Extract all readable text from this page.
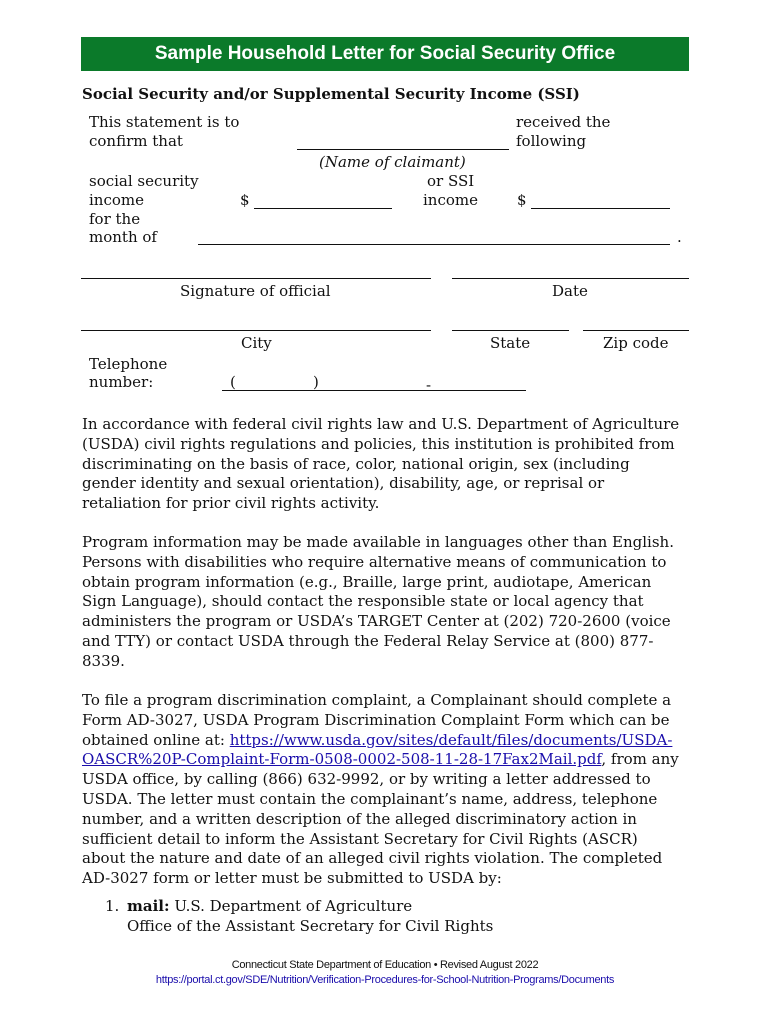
Sample Household Letter for Social Security Office
Social Security and/or Supplemental Security Income (SSI)
This statement is to
confirm that
received the
following
(Name of claimant)
social security
income	$
or SSI
income	$
for the
month of	.
Signature of official	Date
City	State	Zip code
Telephone
number:	(	)	-

In accordance with federal civil rights law and U.S. Department of Agriculture (USDA) civil rights regulations and policies, this institution is prohibited from discriminating on the basis of race, color, national origin, sex (including gender identity and sexual orientation), disability, age, or reprisal or retaliation for prior civil rights activity.

Program information may be made available in languages other than English. Persons with disabilities who require alternative means of communication to obtain program information (e.g., Braille, large print, audiotape, American Sign Language), should contact the responsible state or local agency that administers the program or USDA’s TARGET Center at (202) 720-2600 (voice and TTY) or contact USDA through the Federal Relay Service at (800) 877-8339.

To file a program discrimination complaint, a Complainant should complete a Form AD-3027, USDA Program Discrimination Complaint Form which can be obtained online at: https://www.usda.gov/sites/default/files/documents/USDA-OASCR%20P-Complaint-Form-0508-0002-508-11-28-17Fax2Mail.pdf, from any USDA office, by calling (866) 632-9992, or by writing a letter addressed to USDA. The letter must contain the complainant’s name, address, telephone number, and a written description of the alleged discriminatory action in sufficient detail to inform the Assistant Secretary for Civil Rights (ASCR) about the nature and date of an alleged civil rights violation. The completed AD-3027 form or letter must be submitted to USDA by:

1. mail: U.S. Department of Agriculture
Office of the Assistant Secretary for Civil Rights
Connecticut State Department of Education • Revised August 2022
https://portal.ct.gov/SDE/Nutrition/Verification-Procedures-for-School-Nutrition-Programs/Documents
